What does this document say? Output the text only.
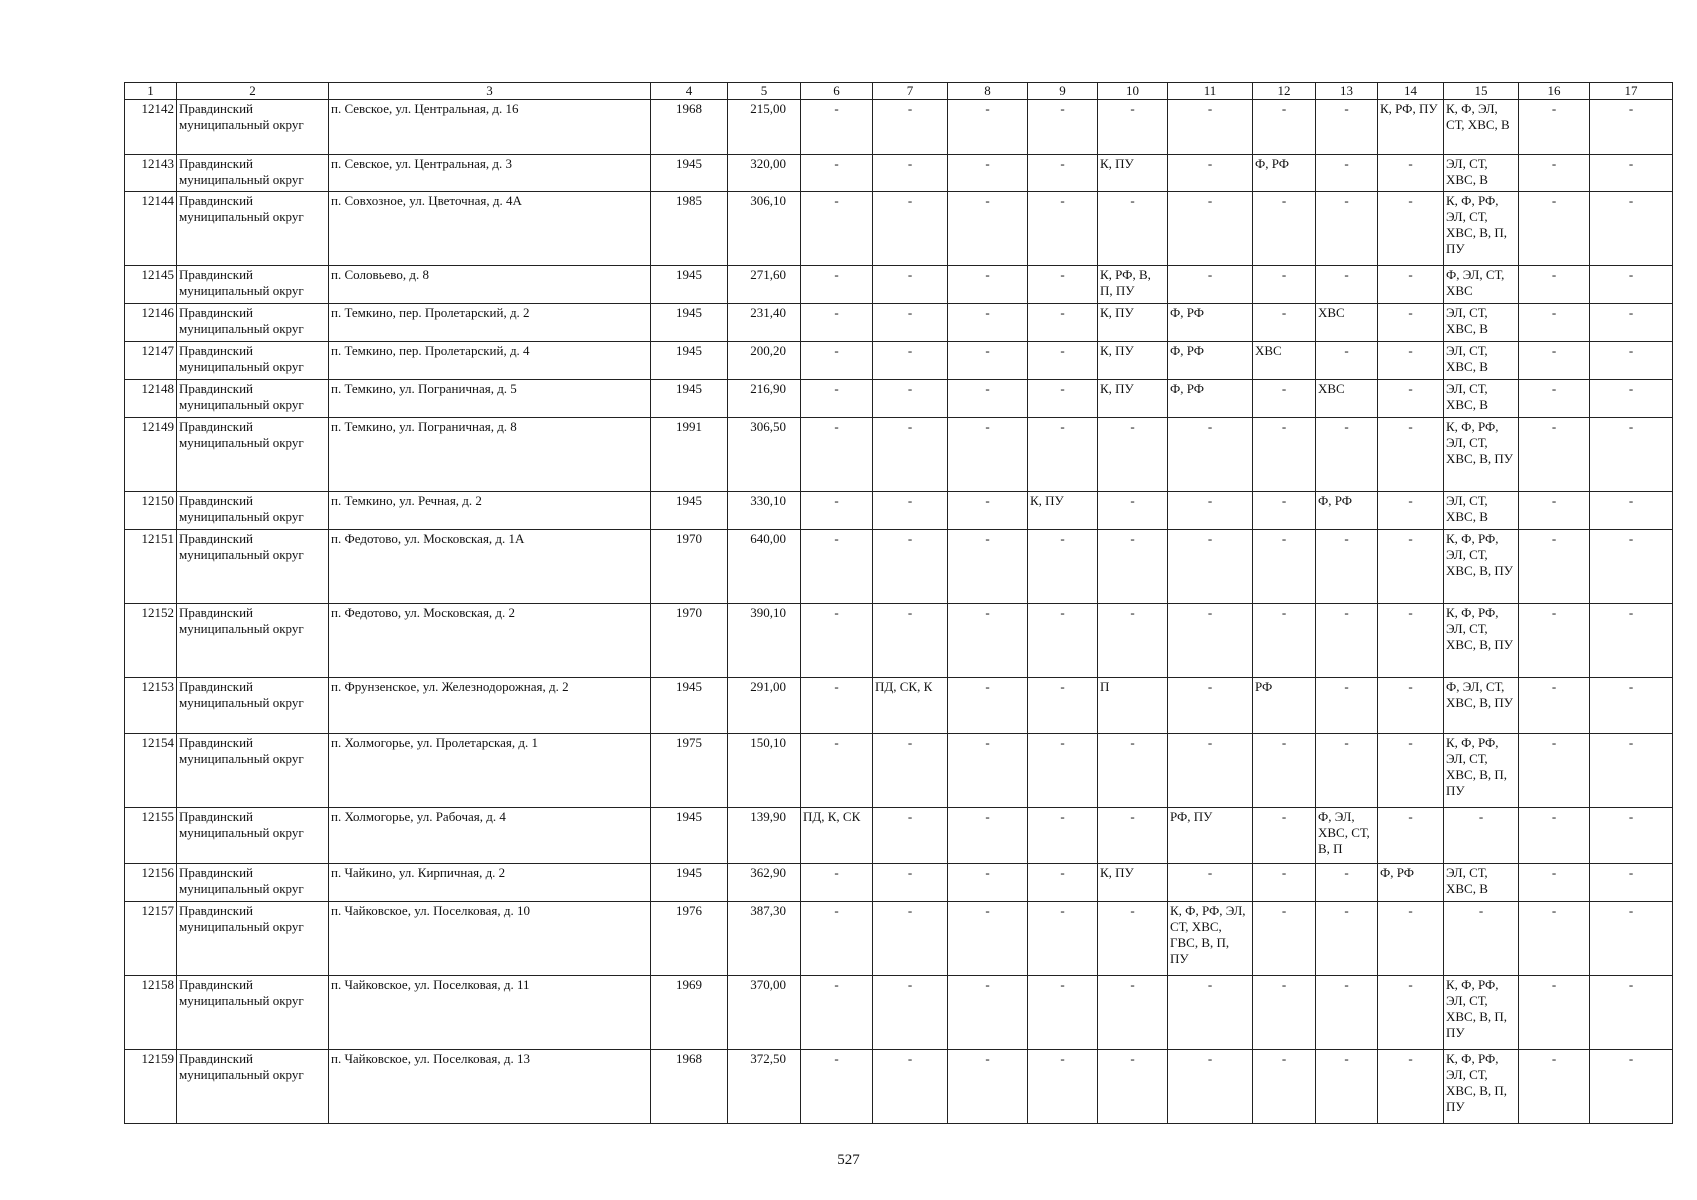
1	2	3	4	5	6	7	8	9	10	11	12	13	14	15	16	17
12142	Правдинский муниципальный округ	п. Севское, ул. Центральная, д. 16	1968	215,00	-	-	-	-	-	-	-	-	К, РФ, ПУ	К, Ф, ЭЛ, СТ, ХВС, В	-	-
12143	Правдинский муниципальный округ	п. Севское, ул. Центральная, д. 3	1945	320,00	-	-	-	-	К, ПУ	-	Ф, РФ	-	-	ЭЛ, СТ, ХВС, В	-	-
12144	Правдинский муниципальный округ	п. Совхозное, ул. Цветочная, д. 4А	1985	306,10	-	-	-	-	-	-	-	-	-	К, Ф, РФ, ЭЛ, СТ, ХВС, В, П, ПУ	-	-
12145	Правдинский муниципальный округ	п. Соловьево, д. 8	1945	271,60	-	-	-	-	К, РФ, В, П, ПУ	-	-	-	-	Ф, ЭЛ, СТ, ХВС	-	-
12146	Правдинский муниципальный округ	п. Темкино, пер. Пролетарский, д. 2	1945	231,40	-	-	-	-	К, ПУ	Ф, РФ	-	ХВС	-	ЭЛ, СТ, ХВС, В	-	-
12147	Правдинский муниципальный округ	п. Темкино, пер. Пролетарский, д. 4	1945	200,20	-	-	-	-	К, ПУ	Ф, РФ	ХВС	-	-	ЭЛ, СТ, ХВС, В	-	-
12148	Правдинский муниципальный округ	п. Темкино, ул. Пограничная, д. 5	1945	216,90	-	-	-	-	К, ПУ	Ф, РФ	-	ХВС	-	ЭЛ, СТ, ХВС, В	-	-
12149	Правдинский муниципальный округ	п. Темкино, ул. Пограничная, д. 8	1991	306,50	-	-	-	-	-	-	-	-	-	К, Ф, РФ, ЭЛ, СТ, ХВС, В, ПУ	-	-
12150	Правдинский муниципальный округ	п. Темкино, ул. Речная, д. 2	1945	330,10	-	-	-	К, ПУ	-	-	-	Ф, РФ	-	ЭЛ, СТ, ХВС, В	-	-
12151	Правдинский муниципальный округ	п. Федотово, ул. Московская, д. 1А	1970	640,00	-	-	-	-	-	-	-	-	-	К, Ф, РФ, ЭЛ, СТ, ХВС, В, ПУ	-	-
12152	Правдинский муниципальный округ	п. Федотово, ул. Московская, д. 2	1970	390,10	-	-	-	-	-	-	-	-	-	К, Ф, РФ, ЭЛ, СТ, ХВС, В, ПУ	-	-
12153	Правдинский муниципальный округ	п. Фрунзенское, ул. Железнодорожная, д. 2	1945	291,00	-	ПД, СК, К	-	-	П	-	РФ	-	-	Ф, ЭЛ, СТ, ХВС, В, ПУ	-	-
12154	Правдинский муниципальный округ	п. Холмогорье, ул. Пролетарская, д. 1	1975	150,10	-	-	-	-	-	-	-	-	-	К, Ф, РФ, ЭЛ, СТ, ХВС, В, П, ПУ	-	-
12155	Правдинский муниципальный округ	п. Холмогорье, ул. Рабочая, д. 4	1945	139,90	ПД, К, СК	-	-	-	-	РФ, ПУ	-	Ф, ЭЛ, ХВС, СТ, В, П	-	-	-	-
12156	Правдинский муниципальный округ	п. Чайкино, ул. Кирпичная, д. 2	1945	362,90	-	-	-	-	К, ПУ	-	-	-	Ф, РФ	ЭЛ, СТ, ХВС, В	-	-
12157	Правдинский муниципальный округ	п. Чайковское, ул. Поселковая, д. 10	1976	387,30	-	-	-	-	-	К, Ф, РФ, ЭЛ, СТ, ХВС, ГВС, В, П, ПУ	-	-	-	-	-	-
12158	Правдинский муниципальный округ	п. Чайковское, ул. Поселковая, д. 11	1969	370,00	-	-	-	-	-	-	-	-	-	К, Ф, РФ, ЭЛ, СТ, ХВС, В, П, ПУ	-	-
12159	Правдинский муниципальный округ	п. Чайковское, ул. Поселковая, д. 13	1968	372,50	-	-	-	-	-	-	-	-	-	К, Ф, РФ, ЭЛ, СТ, ХВС, В, П, ПУ	-	-
527
